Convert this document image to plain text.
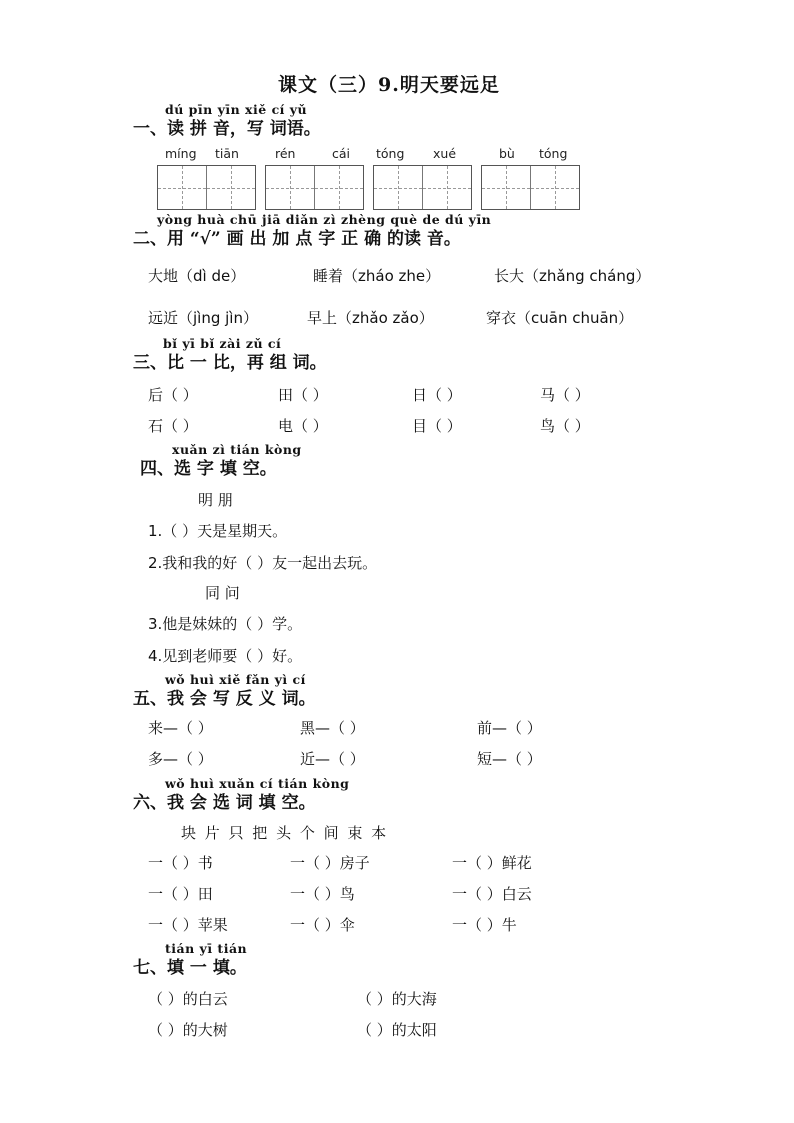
课文（三）9.明天要远足
dú pīn yīn xiě cí yǔ
一、读 拼 音，写 词语。
míng tiān	rén	cái tóng xué	bù tóng
yòng huà chū jiā diǎn zì zhèng què de dú yīn
二、用 “√” 画 出 加 点 字 正 确 的读 音。
大地（dì de）	睡着（zháo zhe）	长大（zhǎng cháng）
远近（jìng jìn）	早上（zhǎo zǎo）	穿衣（cuān chuān）
bǐ yī bǐ zài zǔ cí
三、比 一 比，再 组 词。
后（ ）	田（ ）	日（ ）	马（ ）
石（ ）	电（ ）	目（ ）	鸟（ ）
xuǎn zì tián kòng
四、选 字 填 空。
明 朋
1.（ ）天是星期天。
2.我和我的好（ ）友一起出去玩。
同 问
3.他是妹妹的（ ）学。
4.见到老师要（ ）好。
wǒ huì xiě fǎn yì cí
五、我 会 写 反 义 词。
来—（ ）	黑—（ ）	前—（ ）
多—（ ）	近—（ ）	短—（ ）
wǒ huì xuǎn cí tián kòng
六、我 会 选 词 填 空。
块 片 只 把 头 个 间 束 本
一（ ）书	一（ ）房子	一（ ）鲜花
一（ ）田	一（ ）鸟	一（ ）白云
一（ ）苹果	一（ ）伞	一（ ）牛
tián yī tián
七、填 一 填。
（ ）的白云	（ ）的大海
（ ）的大树	（ ）的太阳
